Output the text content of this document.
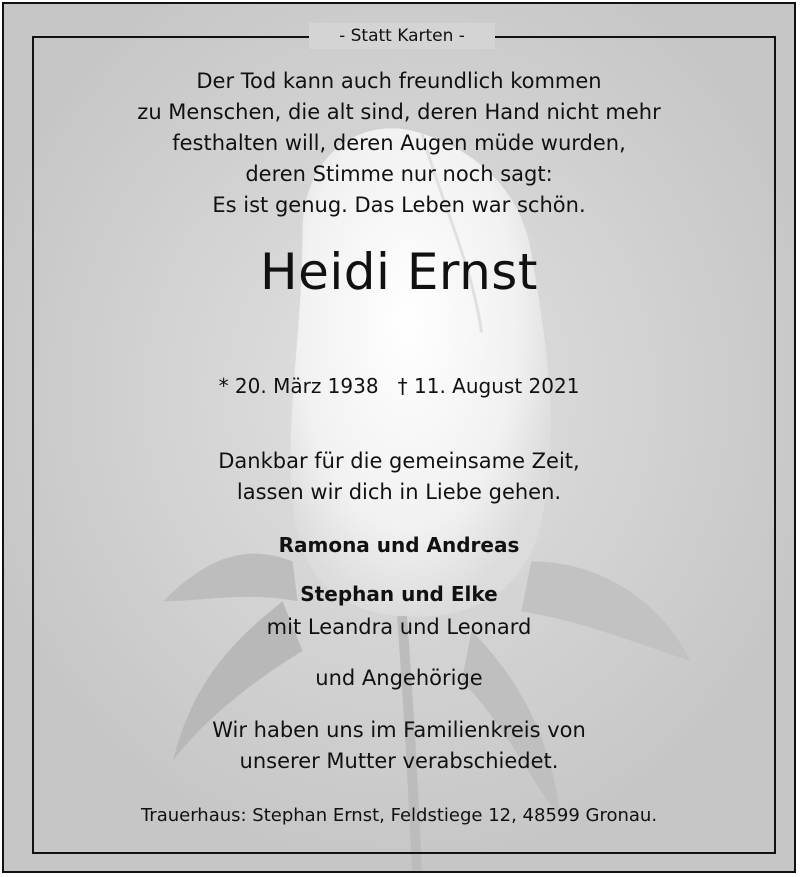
- Statt Karten -
Der Tod kann auch freundlich kommen
zu Menschen, die alt sind, deren Hand nicht mehr
festhalten will, deren Augen müde wurden,
deren Stimme nur noch sagt:
Es ist genug. Das Leben war schön.
Heidi Ernst
* 20. März 1938   † 11. August 2021
Dankbar für die gemeinsame Zeit,
lassen wir dich in Liebe gehen.
Ramona und Andreas
Stephan und Elke
mit Leandra und Leonard
und Angehörige
Wir haben uns im Familienkreis von
unserer Mutter verabschiedet.
Trauerhaus: Stephan Ernst, Feldstiege 12, 48599 Gronau.
